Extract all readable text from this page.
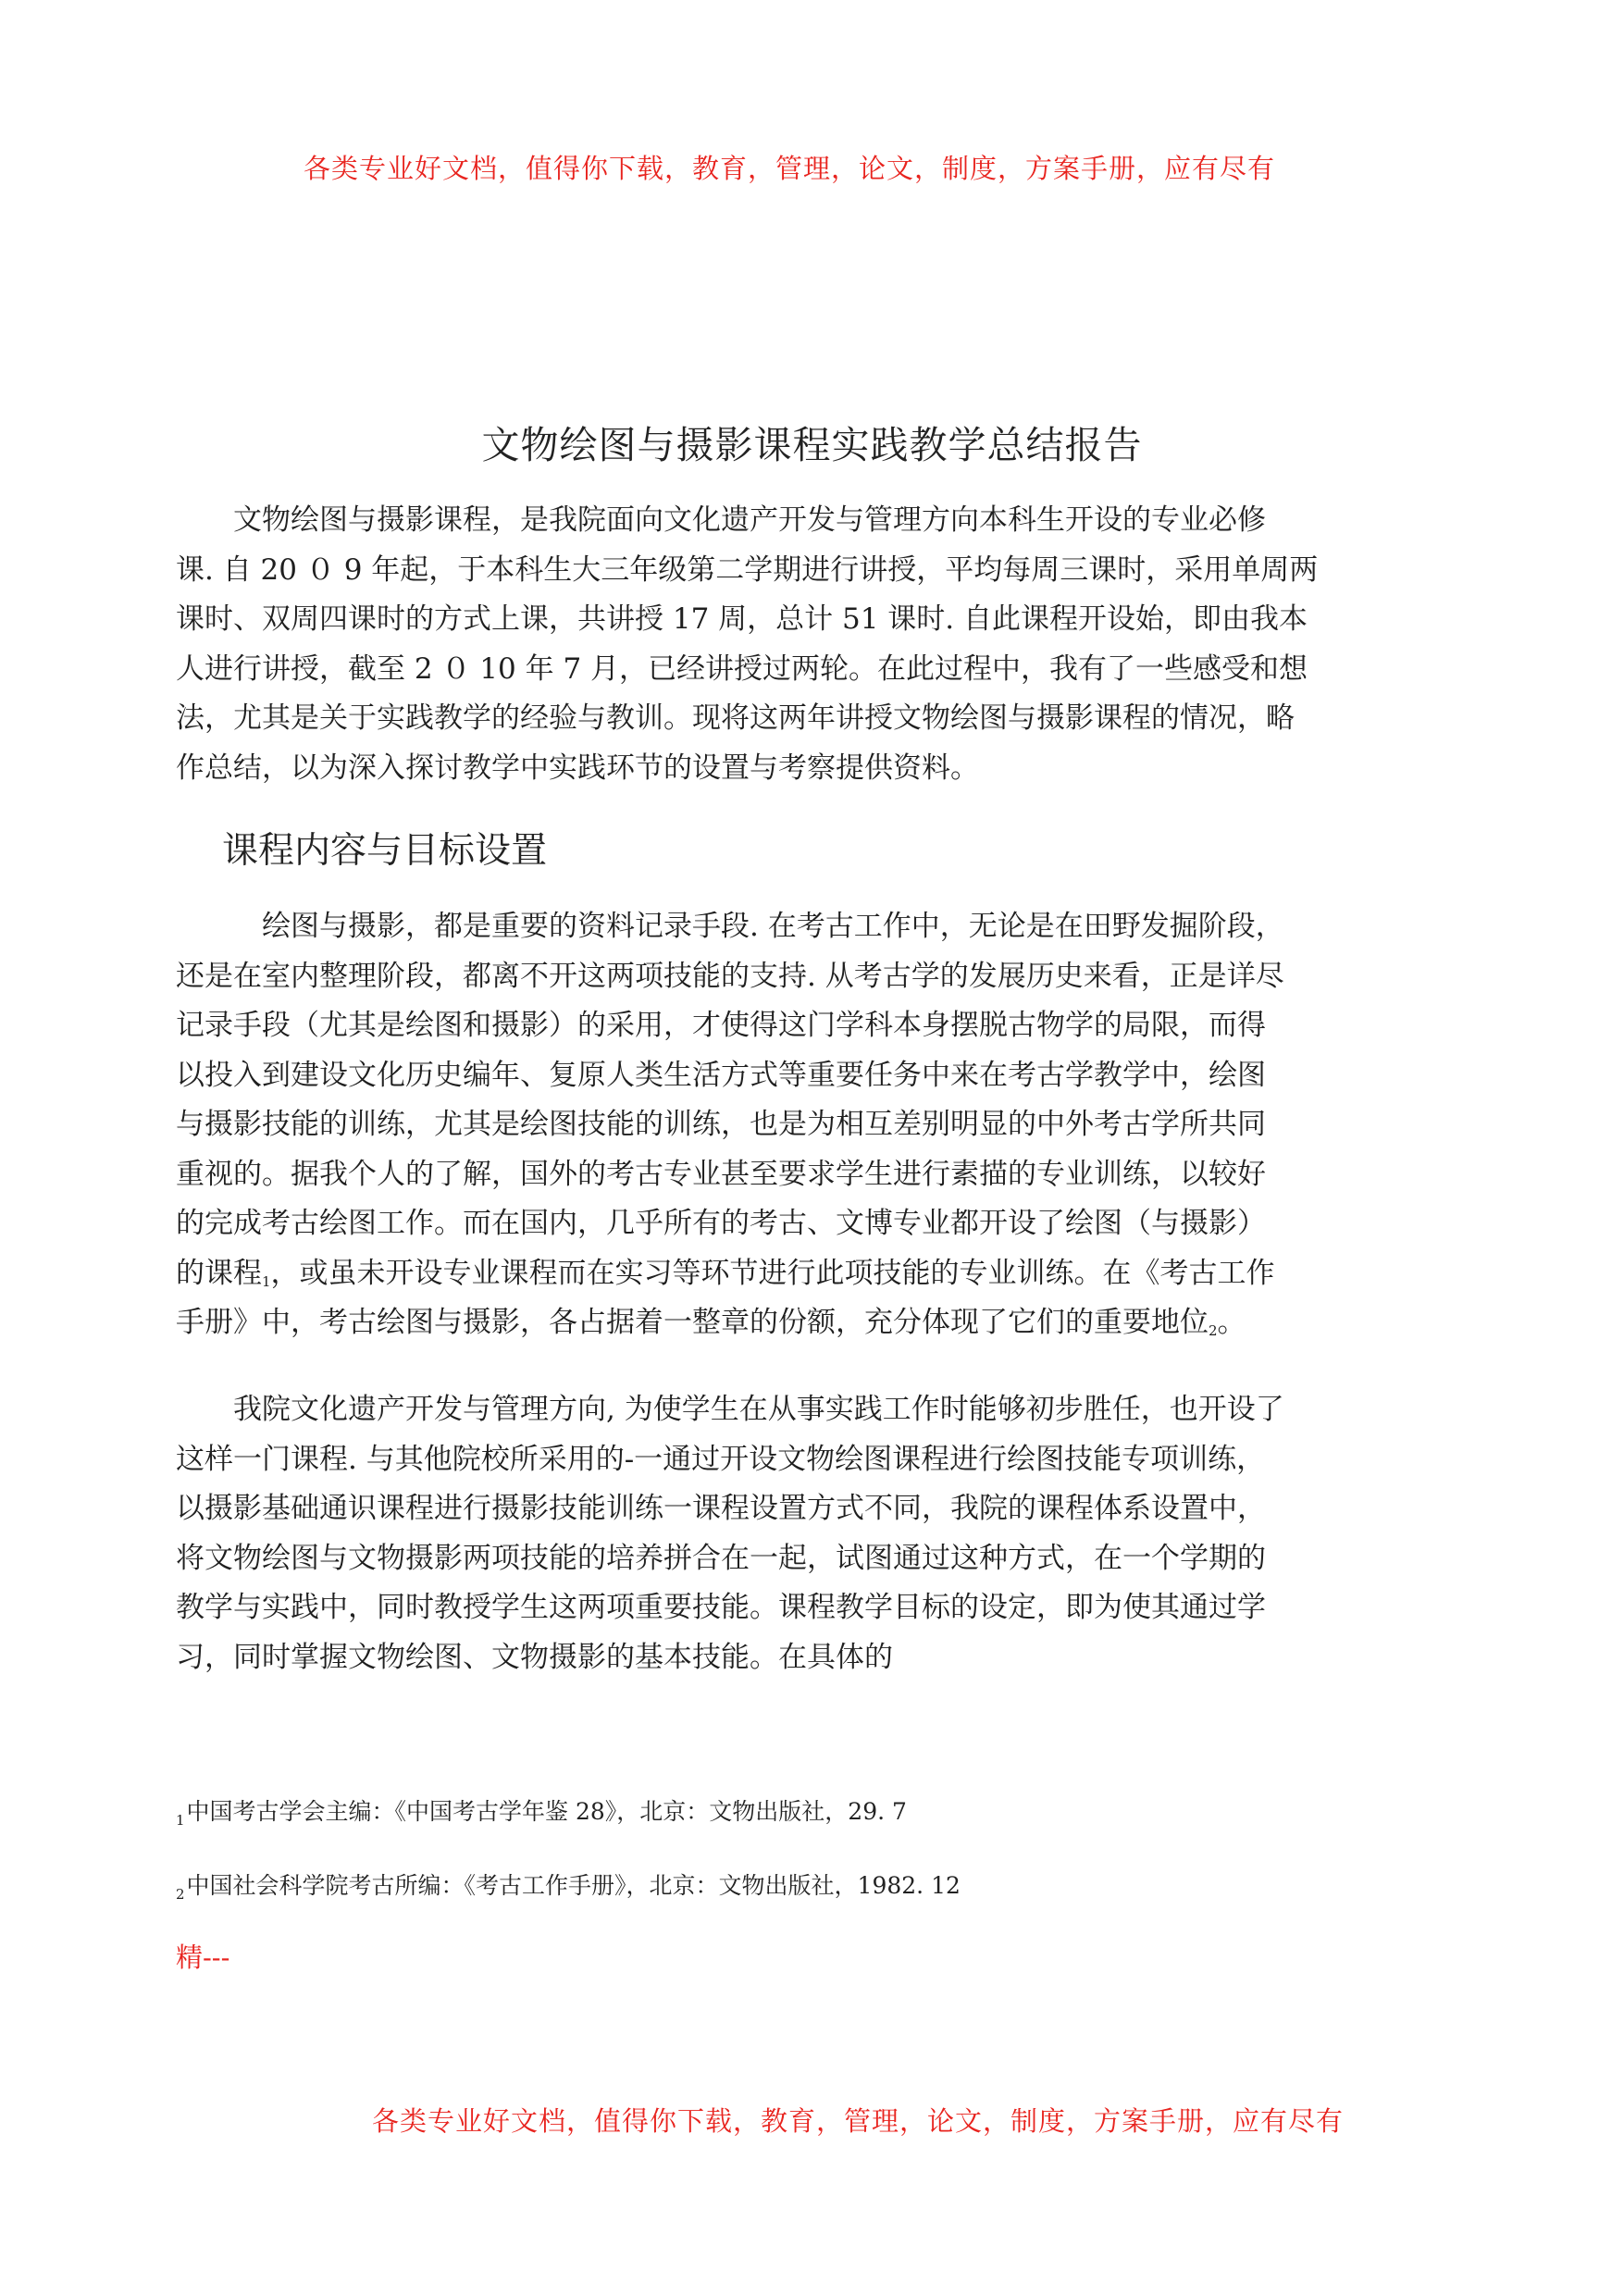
各类专业好文档，值得你下载，教育，管理，论文，制度，方案手册，应有尽有
文物绘图与摄影课程实践教学总结报告

　　文物绘图与摄影课程，是我院面向文化遗产开发与管理方向本科生开设的专业必修
课. 自 20 ０ 9 年起，于本科生大三年级第二学期进行讲授，平均每周三课时，采用单周两
课时、双周四课时的方式上课，共讲授 17 周，总计 51 课时. 自此课程开设始，即由我本
人进行讲授，截至 2 ０ 10 年 7 月，已经讲授过两轮。在此过程中，我有了一些感受和想
法，尤其是关于实践教学的经验与教训。现将这两年讲授文物绘图与摄影课程的情况，略
作总结，以为深入探讨教学中实践环节的设置与考察提供资料。

课程内容与目标设置

　　　绘图与摄影，都是重要的资料记录手段. 在考古工作中，无论是在田野发掘阶段，
还是在室内整理阶段，都离不开这两项技能的支持. 从考古学的发展历史来看，正是详尽
记录手段（尤其是绘图和摄影）的采用，才使得这门学科本身摆脱古物学的局限，而得
以投入到建设文化历史编年、复原人类生活方式等重要任务中来在考古学教学中，绘图
与摄影技能的训练，尤其是绘图技能的训练，也是为相互差别明显的中外考古学所共同
重视的。据我个人的了解，国外的考古专业甚至要求学生进行素描的专业训练，以较好
的完成考古绘图工作。而在国内，几乎所有的考古、文博专业都开设了绘图（与摄影）
的课程$^1$，或虽未开设专业课程而在实习等环节进行此项技能的专业训练。在《考古工作
手册》中，考古绘图与摄影，各占据着一整章的份额，充分体现了它们的重要地位$^2$。

　　我院文化遗产开发与管理方向, 为使学生在从事实践工作时能够初步胜任，也开设了
这样一门课程. 与其他院校所采用的-一通过开设文物绘图课程进行绘图技能专项训练，
以摄影基础通识课程进行摄影技能训练一课程设置方式不同，我院的课程体系设置中，
将文物绘图与文物摄影两项技能的培养拼合在一起，试图通过这种方式，在一个学期的
教学与实践中，同时教授学生这两项重要技能。课程教学目标的设定，即为使其通过学
习，同时掌握文物绘图、文物摄影的基本技能。在具体的

$_1$中国考古学会主编：《中国考古学年鉴 28》，北京：文物出版社，29. 7
$_2$中国社会科学院考古所编：《考古工作手册》，北京：文物出版社，1982. 12
精---
各类专业好文档，值得你下载，教育，管理，论文，制度，方案手册，应有尽有
